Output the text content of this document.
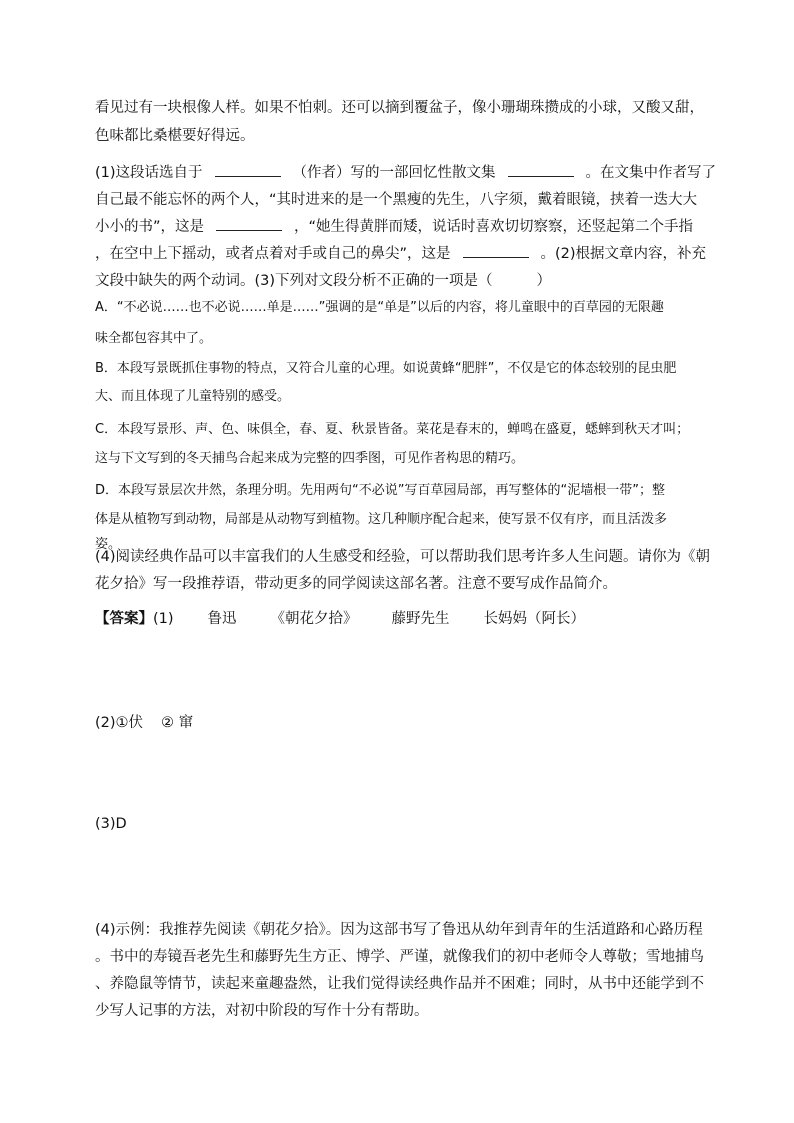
看见过有一块根像人样。如果不怕刺。还可以摘到覆盆子，像小珊瑚珠攒成的小球，又酸又甜，
色味都比桑椹要好得远。
(1)这段话选自于	（作者）写的一部回忆性散文集	。在文集中作者写了
自己最不能忘怀的两个人，“其时进来的是一个黑瘦的先生，八字须，戴着眼镜，挟着一迭大大
小小的书”，这是	，“她生得黄胖而矮，说话时喜欢切切察察，还竖起第二个手指
，在空中上下摇动，或者点着对手或自己的鼻尖”，这是	。(2)根据文章内容，补充
文段中缺失的两个动词。(3)下列对文段分析不正确的一项是（	）
A．“不必说……也不必说……单是……”强调的是“单是”以后的内容，将儿童眼中的百草园的无限趣
味全都包容其中了。
B．本段写景既抓住事物的特点，又符合儿童的心理。如说黄蜂“肥胖”，不仅是它的体态较别的昆虫肥
大、而且体现了儿童特别的感受。
C．本段写景形、声、色、味俱全，春、夏、秋景皆备。菜花是春末的，蝉鸣在盛夏，蟋蟀到秋天才叫；
这与下文写到的冬天捕鸟合起来成为完整的四季图，可见作者构思的精巧。
D．本段写景层次井然，条理分明。先用两句“不必说”写百草园局部，再写整体的“泥墙根一带”；整
体是从植物写到动物，局部是从动物写到植物。这几种顺序配合起来，使写景不仅有序，而且活泼多
姿。
(4)阅读经典作品可以丰富我们的人生感受和经验，可以帮助我们思考许多人生问题。请你为《朝
花夕拾》写一段推荐语，带动更多的同学阅读这部名著。注意不要写成作品简介。
【答案】(1) 鲁迅 《朝花夕拾》 藤野先生 长妈妈（阿长）
(2)①伏 ② 窜
(3)D
(4)示例：我推荐先阅读《朝花夕拾》。因为这部书写了鲁迅从幼年到青年的生活道路和心路历程
。书中的寿镜吾老先生和藤野先生方正、博学、严谨，就像我们的初中老师令人尊敬；雪地捕鸟
、养隐鼠等情节，读起来童趣盎然，让我们觉得读经典作品并不困难；同时，从书中还能学到不
少写人记事的方法，对初中阶段的写作十分有帮助。
